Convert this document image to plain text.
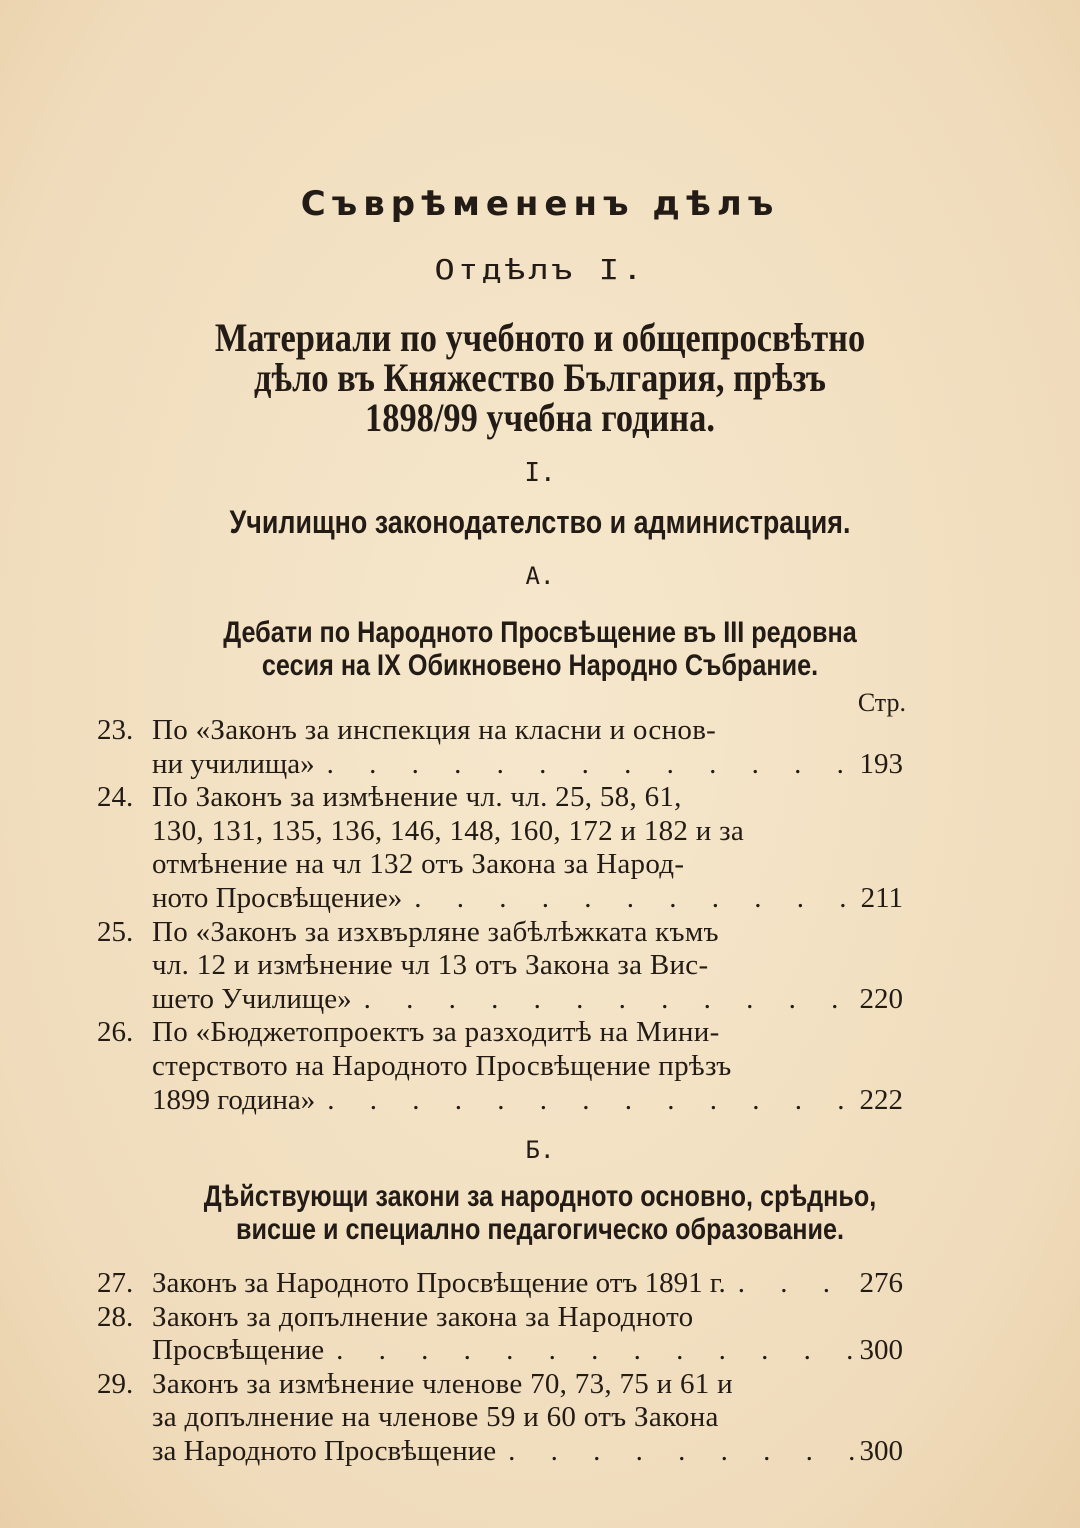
Съврѣмененъ дѣлъ
Отдѣлъ I.
Материали по учебното и общепросвѣтно
дѣло въ Княжество България, прѣзъ
1898/99 учебна година.
I.
Училищно законодателство и администрация.
А.
Дебати по Народното Просвѣщение въ III редовна
сесия на IX Обикновено Народно Събрание.
Стр.
23. По «Законъ за инспекция на класни и основ-
ни училища» . . .	193
24. По Законъ за измѣнение чл. чл. 25, 58, 61,
130, 131, 135, 136, 146, 148, 160, 172 и 182 и за
отмѣнение на чл 132 отъ Закона за Народ-
ното Просвѣщение» . . .	211
25. По «Законъ за изхвърляне забѣлѣжката къмъ
чл. 12 и измѣнение чл 13 отъ Закона за Вис-
шето Училище» . . .	220
26. По «Бюджетопроектъ за разходитѣ на Мини-
стерството на Народното Просвѣщение прѣзъ
1899 година» . . .	222
Б.
Дѣйствующи закони за народното основно, срѣдньо,
висше и специално педагогическо образование.
27. Законъ за Народното Просвѣщение отъ 1891 г. . . .	276
28. Законъ за допълнение закона за Народното
Просвѣщение . . .	300
29. Законъ за измѣнение членове 70, 73, 75 и 61 и
за допълнение на членове 59 и 60 отъ Закона
за Народното Просвѣщение . . .	300
